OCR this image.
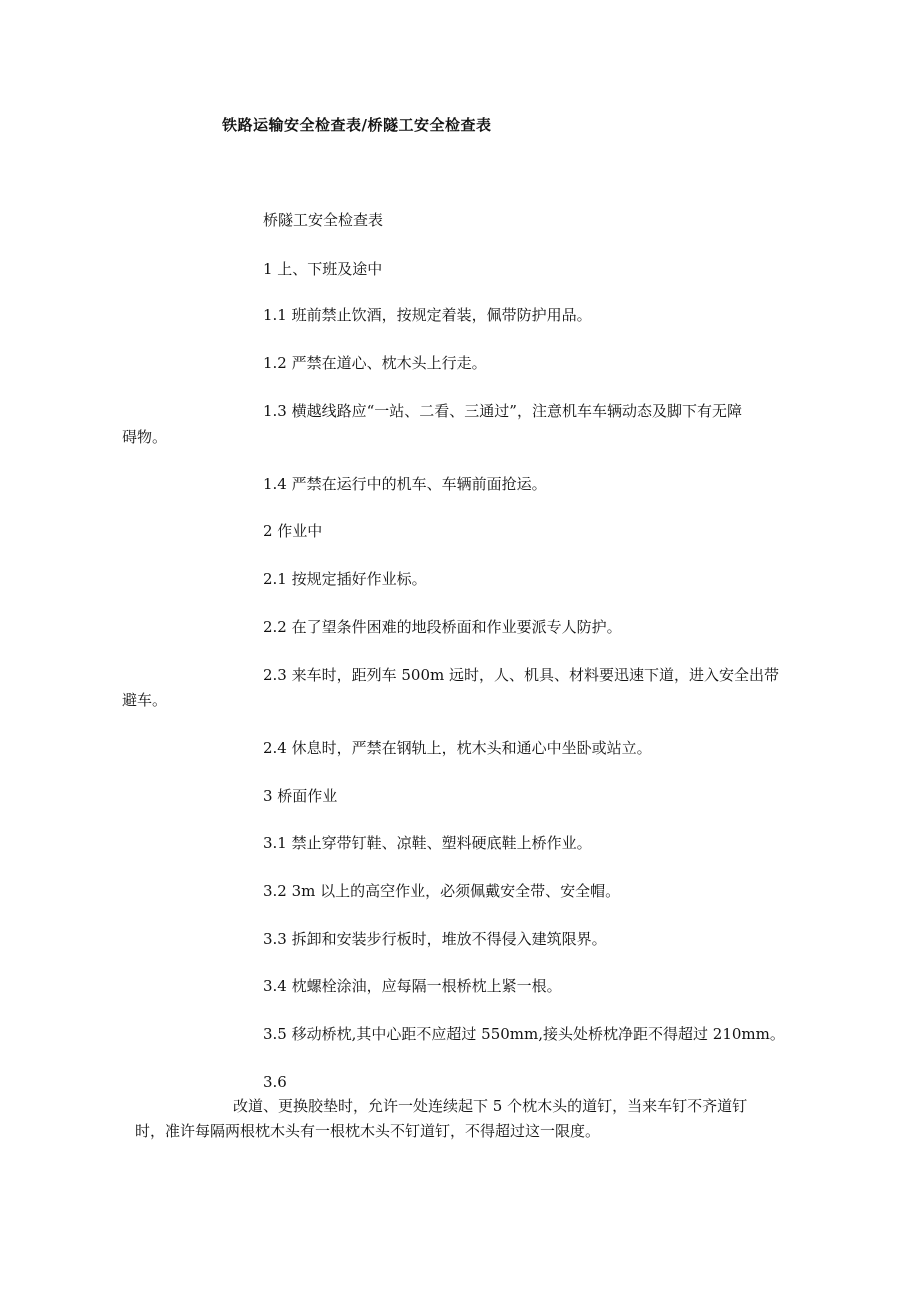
铁路运输安全检查表/桥隧工安全检查表
桥隧工安全检查表
1 上、下班及途中
1.1 班前禁止饮酒，按规定着装，佩带防护用品。
1.2 严禁在道心、枕木头上行走。
1.3 横越线路应“一站、二看、三通过”，注意机车车辆动态及脚下有无障
碍物。
1.4 严禁在运行中的机车、车辆前面抢运。
2 作业中
2.1 按规定插好作业标。
2.2 在了望条件困难的地段桥面和作业要派专人防护。
2.3 来车时，距列车 500m 远时，人、机具、材料要迅速下道，进入安全出带
避车。
2.4 休息时，严禁在钢轨上，枕木头和通心中坐卧或站立。
3 桥面作业
3.1 禁止穿带钉鞋、凉鞋、塑料硬底鞋上桥作业。
3.2 3m 以上的高空作业，必须佩戴安全带、安全帽。
3.3 拆卸和安装步行板时，堆放不得侵入建筑限界。
3.4 枕螺栓涂油，应每隔一根桥枕上紧一根。
3.5 移动桥枕,其中心距不应超过 550mm,接头处桥枕净距不得超过 210mm。
3.6
改道、更换胶垫时，允许一处连续起下 5 个枕木头的道钉，当来车钉不齐道钉
时，准许每隔两根枕木头有一根枕木头不钉道钉，不得超过这一限度。
